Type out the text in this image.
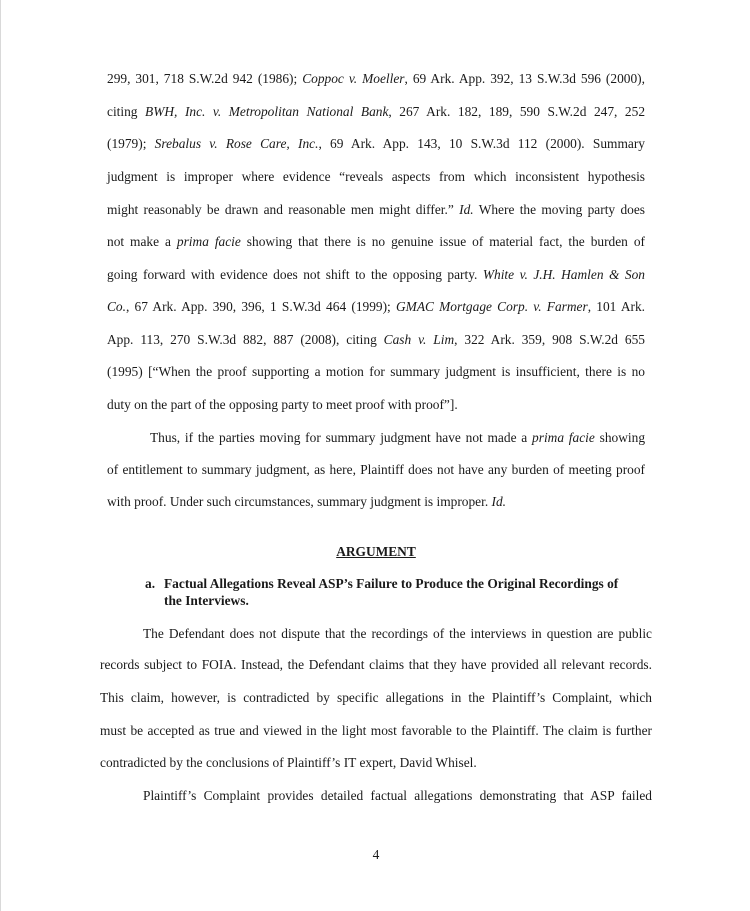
299, 301, 718 S.W.2d 942 (1986); Coppoc v. Moeller, 69 Ark. App. 392, 13 S.W.3d 596 (2000),
citing BWH, Inc. v. Metropolitan National Bank, 267 Ark. 182, 189, 590 S.W.2d 247, 252
(1979); Srebalus v. Rose Care, Inc., 69 Ark. App. 143, 10 S.W.3d 112 (2000). Summary
judgment is improper where evidence “reveals aspects from which inconsistent hypothesis
might reasonably be drawn and reasonable men might differ.” Id. Where the moving party does
not make a prima facie showing that there is no genuine issue of material fact, the burden of
going forward with evidence does not shift to the opposing party. White v. J.H. Hamlen & Son
Co., 67 Ark. App. 390, 396, 1 S.W.3d 464 (1999); GMAC Mortgage Corp. v. Farmer, 101 Ark.
App. 113, 270 S.W.3d 882, 887 (2008), citing Cash v. Lim, 322 Ark. 359, 908 S.W.2d 655
(1995) [“When the proof supporting a motion for summary judgment is insufficient, there is no
duty on the part of the opposing party to meet proof with proof”].
Thus, if the parties moving for summary judgment have not made a prima facie showing
of entitlement to summary judgment, as here, Plaintiff does not have any burden of meeting proof
with proof. Under such circumstances, summary judgment is improper. Id.
ARGUMENT
a. Factual Allegations Reveal ASP’s Failure to Produce the Original Recordings of
the Interviews.
The Defendant does not dispute that the recordings of the interviews in question are public
records subject to FOIA. Instead, the Defendant claims that they have provided all relevant records.
This claim, however, is contradicted by specific allegations in the Plaintiff’s Complaint, which
must be accepted as true and viewed in the light most favorable to the Plaintiff. The claim is further
contradicted by the conclusions of Plaintiff’s IT expert, David Whisel.
Plaintiff’s Complaint provides detailed factual allegations demonstrating that ASP failed
4
